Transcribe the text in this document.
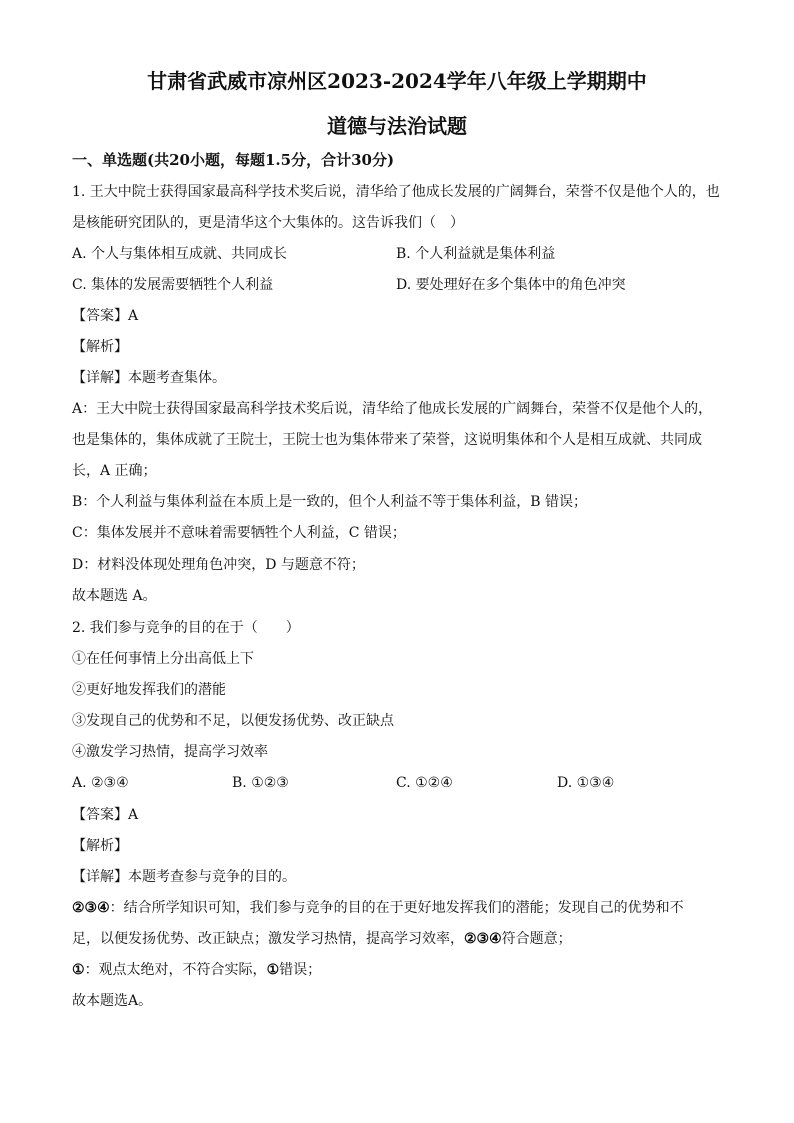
甘肃省武威市凉州区2023-2024学年八年级上学期期中
道德与法治试题
一、单选题(共20小题，每题1.5分，合计30分)
1. 王大中院士获得国家最高科学技术奖后说，清华给了他成长发展的广阔舞台，荣誉不仅是他个人的，也
是核能研究团队的，更是清华这个大集体的。这告诉我们（　）
A. 个人与集体相互成就、共同成长	B. 个人利益就是集体利益
C. 集体的发展需要牺牲个人利益	D. 要处理好在多个集体中的角色冲突
【答案】A
【解析】
【详解】本题考查集体。
A：王大中院士获得国家最高科学技术奖后说，清华给了他成长发展的广阔舞台，荣誉不仅是他个人的，
也是集体的，集体成就了王院士，王院士也为集体带来了荣誉，这说明集体和个人是相互成就、共同成
长，A 正确；
B：个人利益与集体利益在本质上是一致的，但个人利益不等于集体利益，B 错误；
C：集体发展并不意味着需要牺牲个人利益，C 错误；
D：材料没体现处理角色冲突，D 与题意不符；
故本题选 A。
2. 我们参与竞争的目的在于（　　）
①在任何事情上分出高低上下
②更好地发挥我们的潜能
③发现自己的优势和不足，以便发扬优势、改正缺点
④激发学习热情，提高学习效率
A. ②③④	B. ①②③	C. ①②④	D. ①③④
【答案】A
【解析】
【详解】本题考查参与竞争的目的。
②③④：结合所学知识可知，我们参与竞争的目的在于更好地发挥我们的潜能；发现自己的优势和不
足，以便发扬优势、改正缺点；激发学习热情，提高学习效率，②③④符合题意；
①：观点太绝对，不符合实际，①错误；
故本题选A。
